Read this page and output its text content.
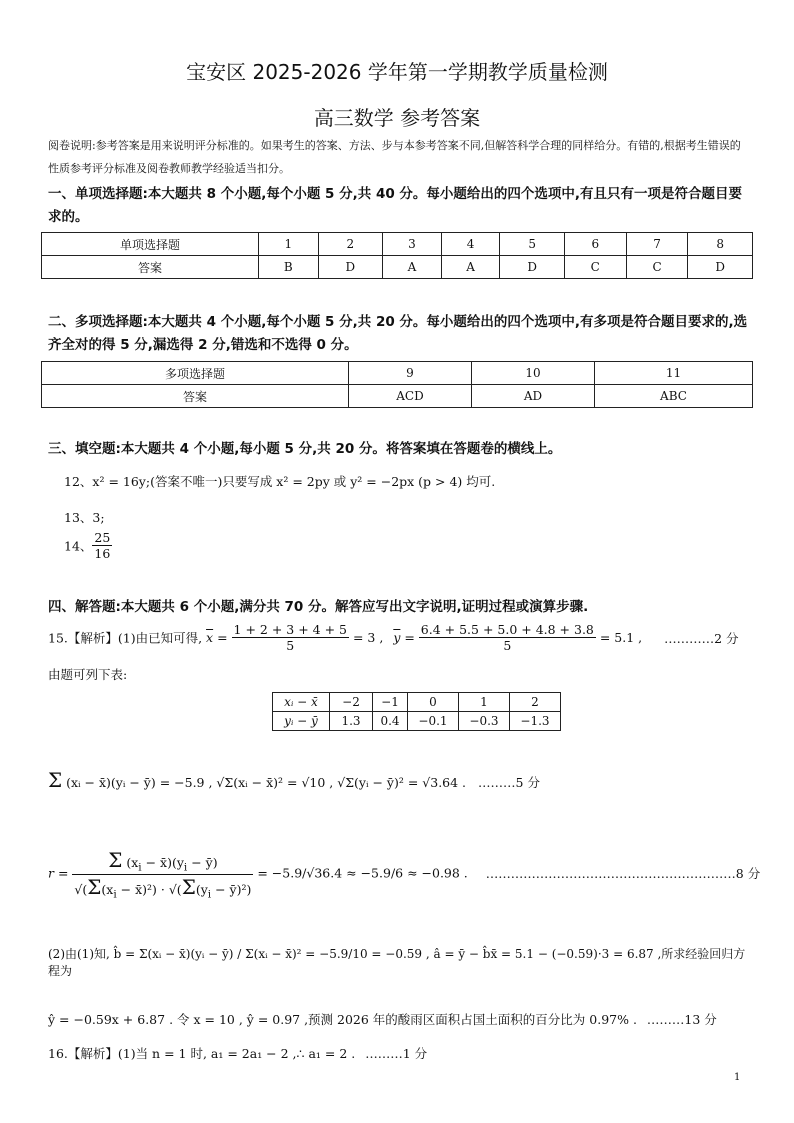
宝安区 2025-2026 学年第一学期教学质量检测
高三数学 参考答案
阅卷说明:参考答案是用来说明评分标准的。如果考生的答案、方法、步与本参考答案不同,但解答科学合理的同样给分。有错的,根据考生错误的性质参考评分标准及阅卷教师教学经验适当扣分。
一、单项选择题:本大题共 8 个小题,每个小题 5 分,共 40 分。每小题给出的四个选项中,有且只有一项是符合题目要求的。
单项选择题	1	2	3	4	5	6	7	8
答案	B	D	A	A	D	C	C	D
二、多项选择题:本大题共 4 个小题,每个小题 5 分,共 20 分。每小题给出的四个选项中,有多项是符合题目要求的,选齐全对的得 5 分,漏选得 2 分,错选和不选得 0 分。
多项选择题	9	10	11
答案	ACD	AD	ABC
三、填空题:本大题共 4 个小题,每小题 5 分,共 20 分。将答案填在答题卷的横线上。
12、x² = 16y;(答案不唯一)只要写成 x² = 2py 或 y² = −2px (p > 4) 均可.
13、3;
14、 $\frac{25}{16}$
四、解答题:本大题共 6 个小题,满分共 70 分。解答应写出文字说明,证明过程或演算步骤.
15.【解析】(1)由已知可得, $\overline{x} = \frac{1 + 2 + 3 + 4 + 5}{5} = 3$ , $\overline{y} = \frac{6.4 + 5.5 + 5.0 + 4.8 + 3.8}{5} = 5.1$ , …………2 分
由题可列下表:
xᵢ − x̄	−2	−1	0	1	2
yᵢ − ȳ	1.3	0.4	−0.1	−0.3	−1.3
Σ (xᵢ − x̄)(yᵢ − ȳ) = −5.9 , √Σ(xᵢ − x̄)² = √10 , √Σ(yᵢ − ȳ)² = √3.64 . ………5 分
$r = \frac{\Sigma (x_i - x̄)(y_i - ȳ)}{√(\Sigma(x_i - x̄)^2) \cdot √(\Sigma(y_i - ȳ)^2)} = -5.9/√36.4 \approx -5.9/6 \approx -0.98$ . ……………………………………………………8 分
(2)由(1)知, b̂ = Σ(xᵢ − x̄)(yᵢ − ȳ) / Σ(xᵢ − x̄)² = −5.9/10 = −0.59 , â = ȳ − b̂x̄ = 5.1 − (−0.59)·3 = 6.87 ,所求经验回归方程为
ŷ = −0.59x + 6.87 . 令 x = 10 , ŷ = 0.97 ,预测 2026 年的酸雨区面积占国土面积的百分比为 0.97% . ………13 分
16.【解析】(1)当 n = 1 时, a₁ = 2a₁ − 2 ,∴ a₁ = 2 . ………1 分
1
